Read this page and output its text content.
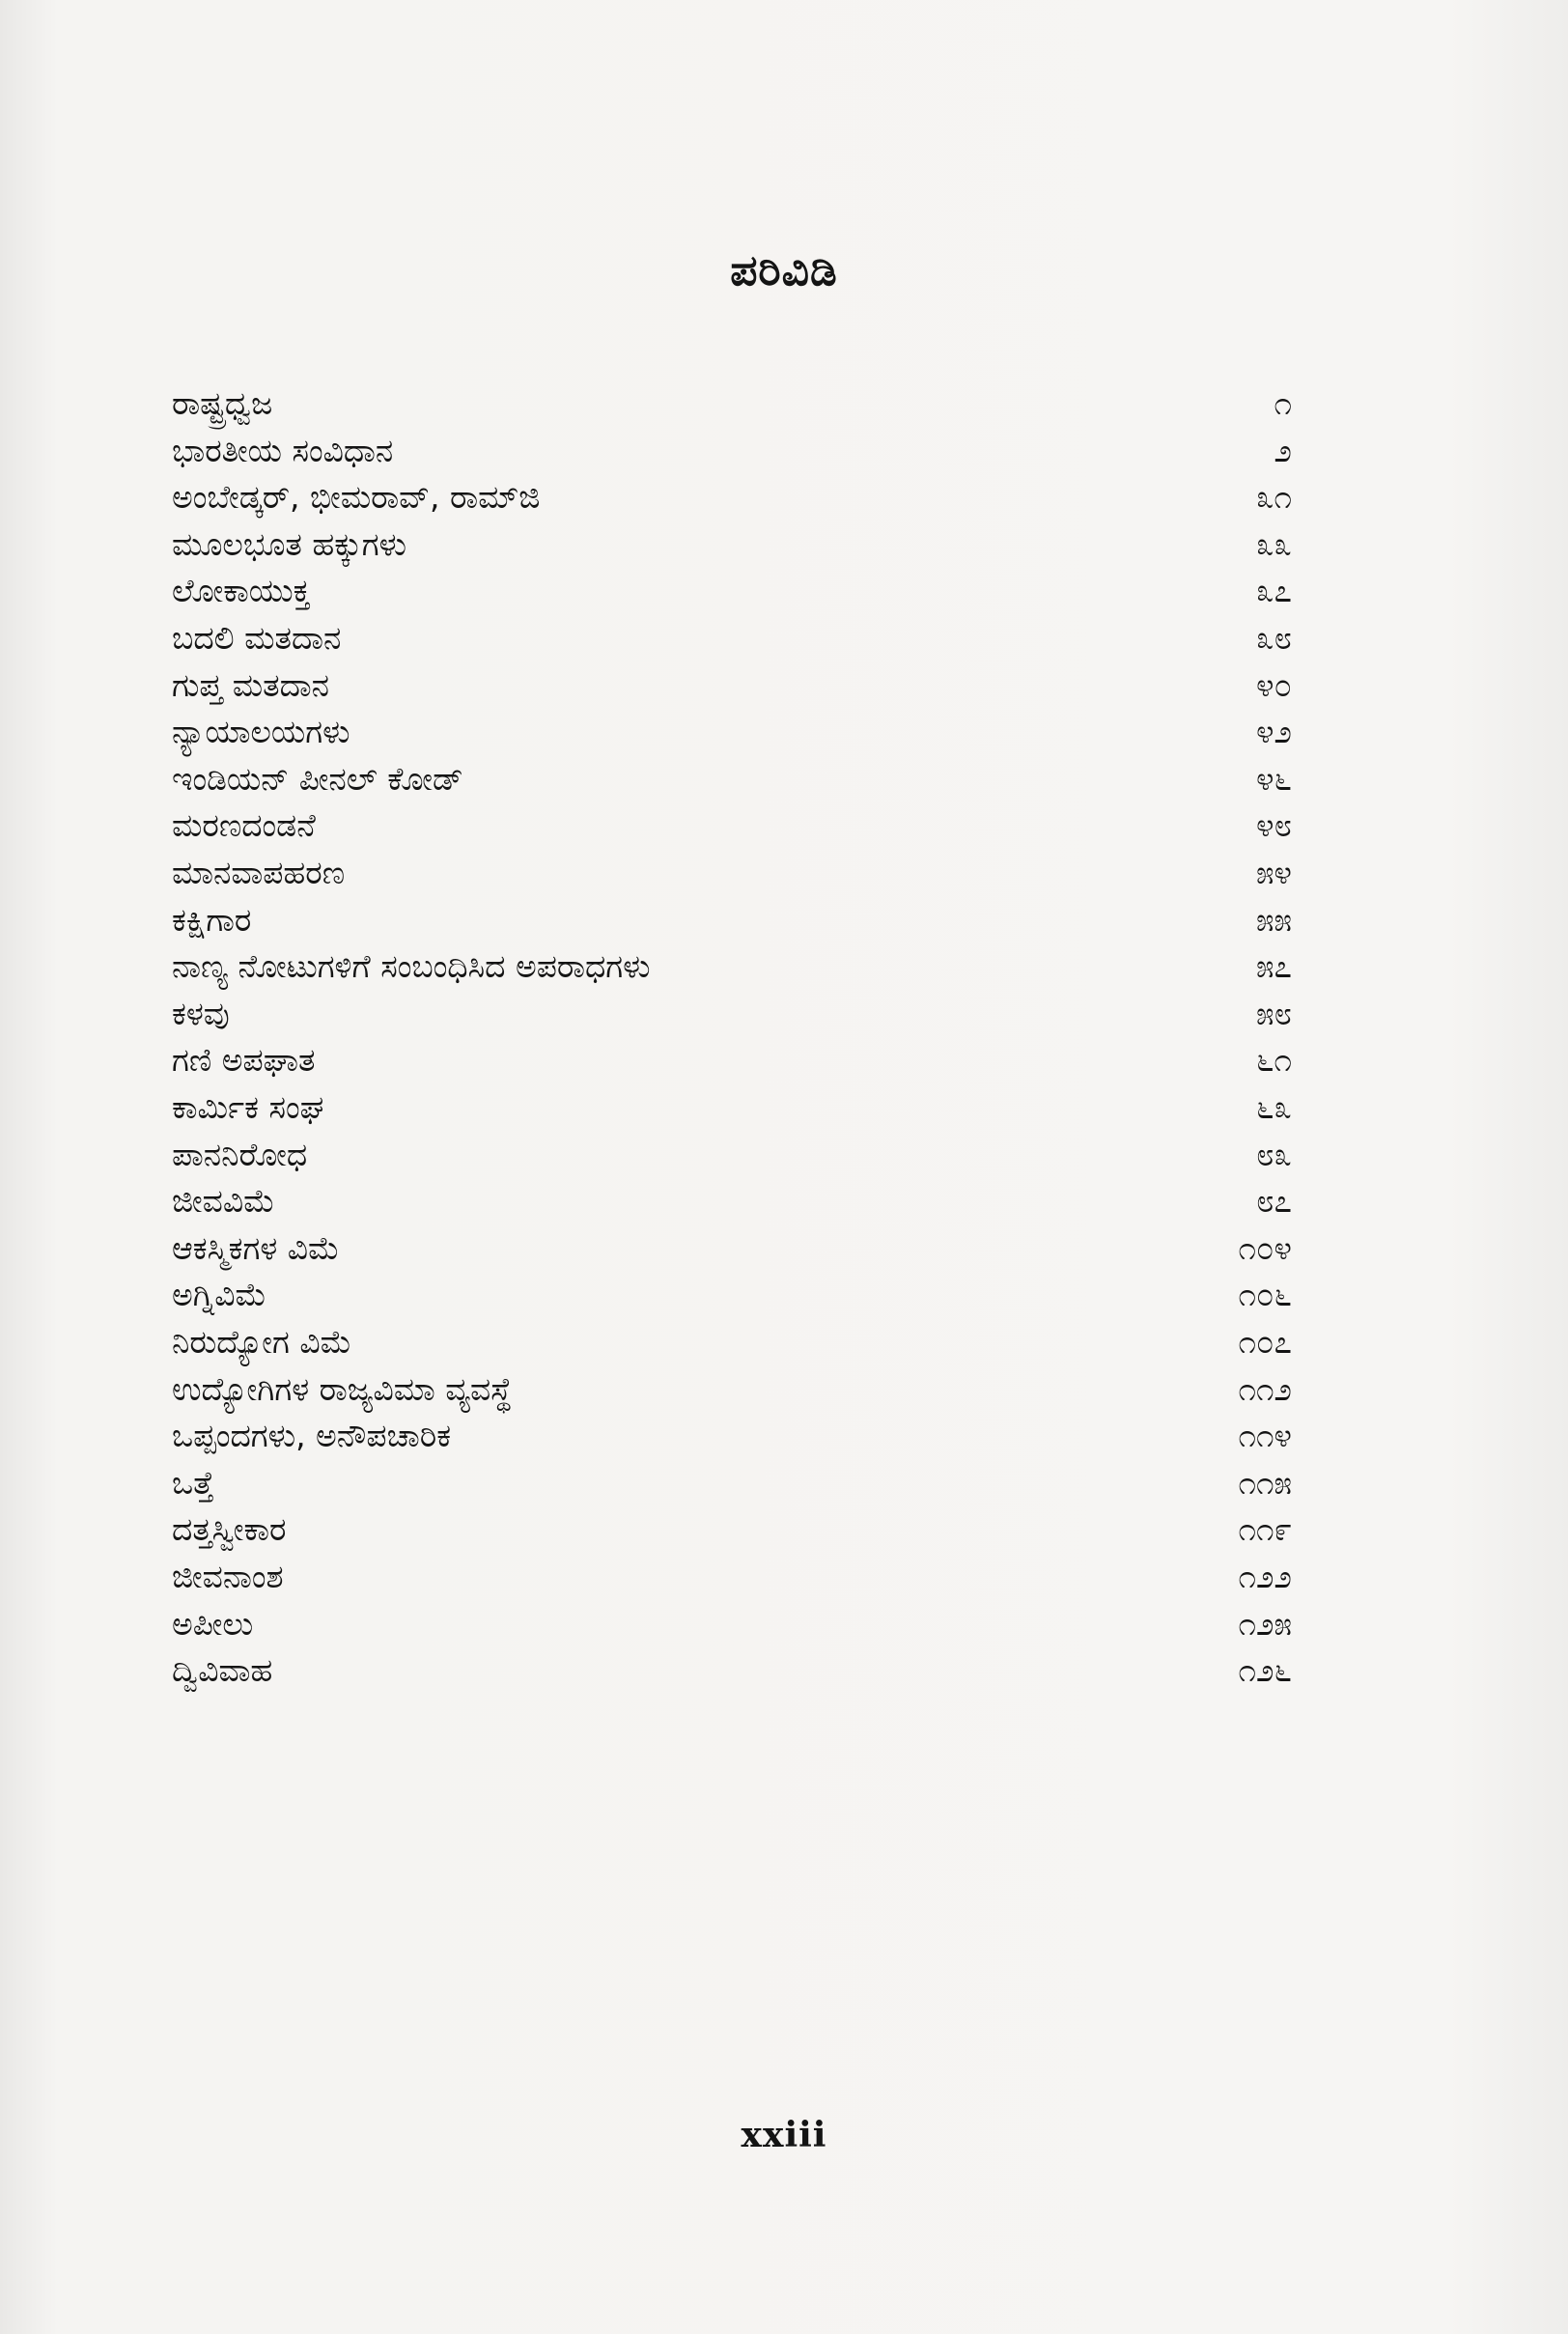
ಪರಿವಿಡಿ
ರಾಷ್ಟ್ರಧ್ವಜ	೧
ಭಾರತೀಯ ಸಂವಿಧಾನ	೨
ಅಂಬೇಡ್ಕರ್, ಭೀಮರಾವ್, ರಾಮ್‌ಜಿ	೩೧
ಮೂಲಭೂತ ಹಕ್ಕುಗಳು	೩೩
ಲೋಕಾಯುಕ್ತ	೩೭
ಬದಲಿ ಮತದಾನ	೩೮
ಗುಪ್ತ ಮತದಾನ	೪೦
ನ್ಯಾಯಾಲಯಗಳು	೪೨
ಇಂಡಿಯನ್ ಪೀನಲ್ ಕೋಡ್	೪೬
ಮರಣದಂಡನೆ	೪೮
ಮಾನವಾಪಹರಣ	೫೪
ಕಕ್ಷಿಗಾರ	೫೫
ನಾಣ್ಯ ನೋಟುಗಳಿಗೆ ಸಂಬಂಧಿಸಿದ ಅಪರಾಧಗಳು	೫೭
ಕಳವು	೫೮
ಗಣಿ ಅಪಘಾತ	೬೧
ಕಾರ್ಮಿಕ ಸಂಘ	೬೩
ಪಾನನಿರೋಧ	೮೩
ಜೀವವಿಮೆ	೮೭
ಆಕಸ್ಮಿಕಗಳ ವಿಮೆ	೧೦೪
ಅಗ್ನಿವಿಮೆ	೧೦೬
ನಿರುದ್ಯೋಗ ವಿಮೆ	೧೦೭
ಉದ್ಯೋಗಿಗಳ ರಾಜ್ಯವಿಮಾ ವ್ಯವಸ್ಥೆ	೧೧೨
ಒಪ್ಪಂದಗಳು, ಅನೌಪಚಾರಿಕ	೧೧೪
ಒತ್ತೆ	೧೧೫
ದತ್ತಸ್ವೀಕಾರ	೧೧೯
ಜೀವನಾಂಶ	೧೨೨
ಅಪೀಲು	೧೨೫
ದ್ವಿವಿವಾಹ	೧೨೬
xxiii
